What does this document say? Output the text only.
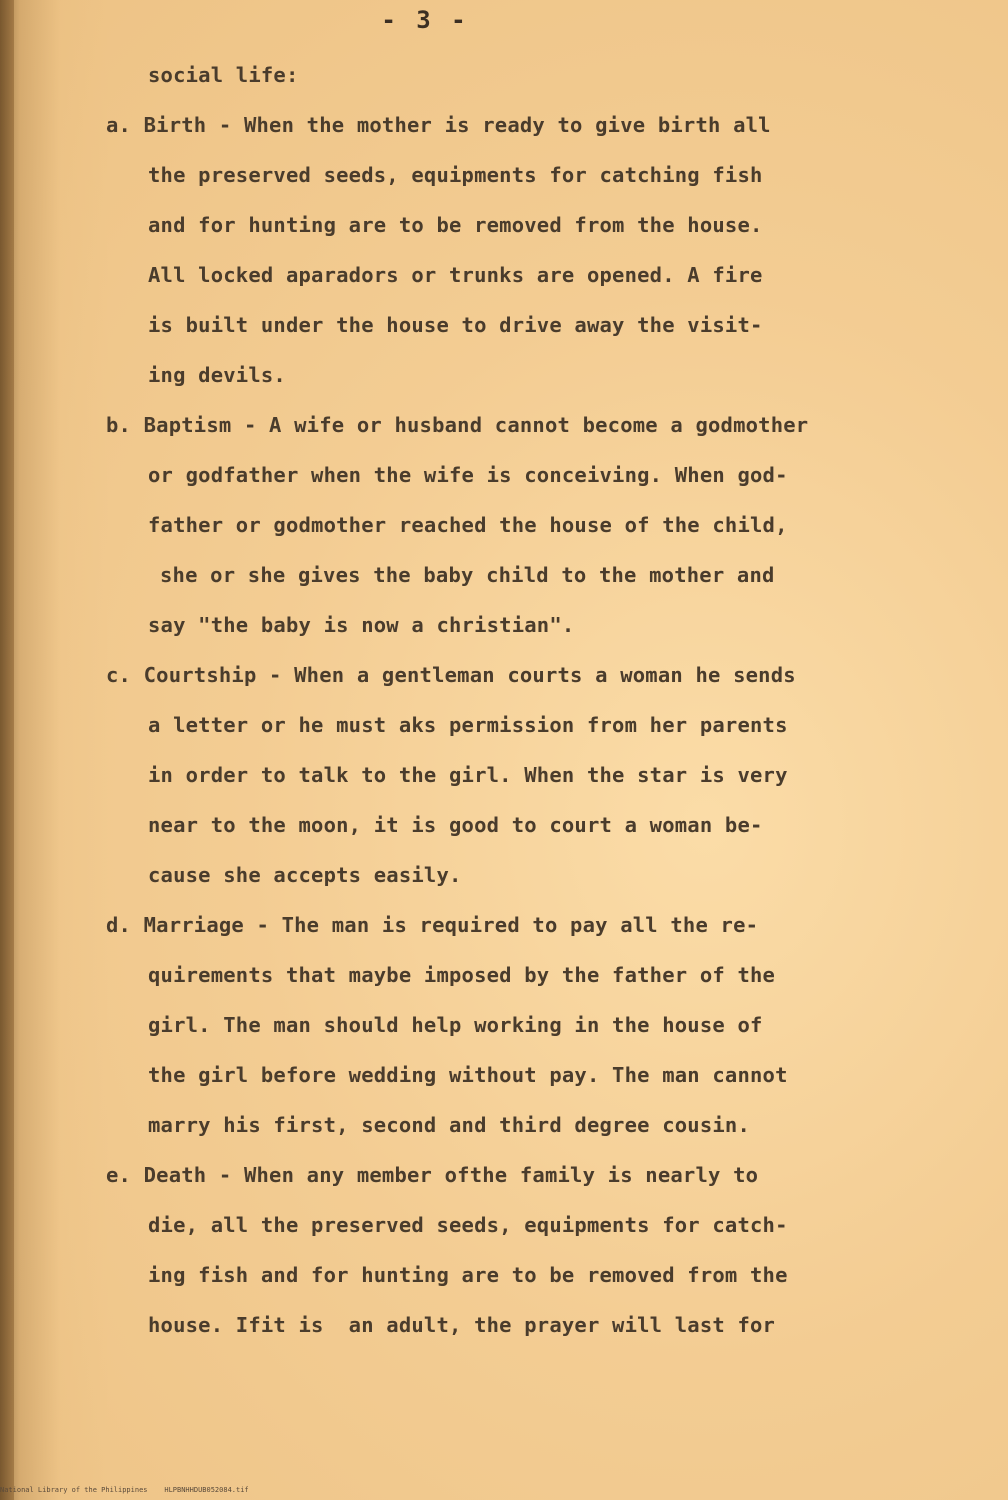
- 3 -
social life:
a. Birth - When the mother is ready to give birth all
the preserved seeds, equipments for catching fish
and for hunting are to be removed from the house.
All locked aparadors or trunks are opened. A fire
is built under the house to drive away the visit-
ing devils.
b. Baptism - A wife or husband cannot become a godmother
or godfather when the wife is conceiving. When god-
father or godmother reached the house of the child,
she or she gives the baby child to the mother and
say "the baby is now a christian".
c. Courtship - When a gentleman courts a woman he sends
a letter or he must aks permission from her parents
in order to talk to the girl. When the star is very
near to the moon, it is good to court a woman be-
cause she accepts easily.
d. Marriage - The man is required to pay all the re-
quirements that maybe imposed by the father of the
girl. The man should help working in the house of
the girl before wedding without pay. The man cannot
marry his first, second and third degree cousin.
e. Death - When any member ofthe family is nearly to
die, all the preserved seeds, equipments for catch-
ing fish and for hunting are to be removed from the
house. Ifit is  an adult, the prayer will last for
National Library of the Philippines    HLPBNHHDUB052084.tif
